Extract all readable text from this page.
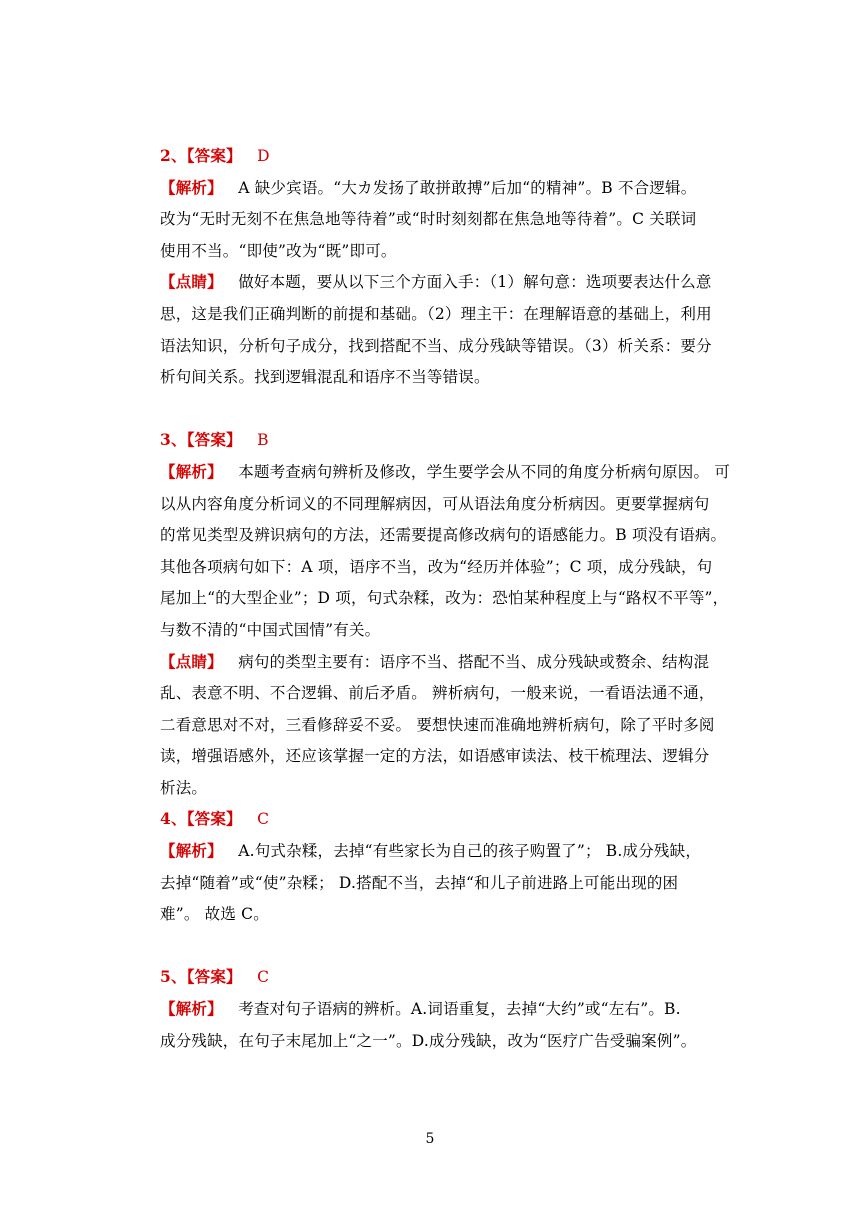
2、【答案】 D
【解析】 A 缺少宾语。“大カ发扬了敢拼敢搏”后加“的精神”。B 不合逻辑。
改为“无时无刻不在焦急地等待着”或“时时刻刻都在焦急地等待着”。C 关联词
使用不当。“即使”改为“既”即可。
【点睛】 做好本题，要从以下三个方面入手：（1）解句意：选项要表达什么意
思，这是我们正确判断的前提和基础。（2）理主干：在理解语意的基础上，利用
语法知识，分析句子成分，找到搭配不当、成分残缺等错误。（3）析关系：要分
析句间关系。找到逻辑混乱和语序不当等错误。
3、【答案】 B
【解析】 本题考查病句辨析及修改，学生要学会从不同的角度分析病句原因。 可
以从内容角度分析词义的不同理解病因，可从语法角度分析病因。更要掌握病句
的常见类型及辨识病句的方法，还需要提高修改病句的语感能力。B 项没有语病。
其他各项病句如下：A 项，语序不当，改为“经历并体验”；C 项，成分残缺，句
尾加上“的大型企业”；D 项，句式杂糅，改为：恐怕某种程度上与“路权不平等”，
与数不清的“中国式国情”有关。
【点睛】 病句的类型主要有：语序不当、搭配不当、成分残缺或赘余、结构混
乱、表意不明、不合逻辑、前后矛盾。 辨析病句，一般来说，一看语法通不通，
二看意思对不对，三看修辞妥不妥。 要想快速而准确地辨析病句，除了平时多阅
读，增强语感外，还应该掌握一定的方法，如语感审读法、枝干梳理法、逻辑分
析法。
4、【答案】 C
【解析】 A.句式杂糅，去掉“有些家长为自己的孩子购置了”； B.成分残缺，
去掉“随着”或“使”杂糅； D.搭配不当，去掉“和儿子前进路上可能出现的困
难”。 故选 C。
5、【答案】 C
【解析】 考查对句子语病的辨析。A.词语重复，去掉“大约”或“左右”。B.
成分残缺，在句子末尾加上“之一”。D.成分残缺，改为“医疗广告受骗案例”。
5
